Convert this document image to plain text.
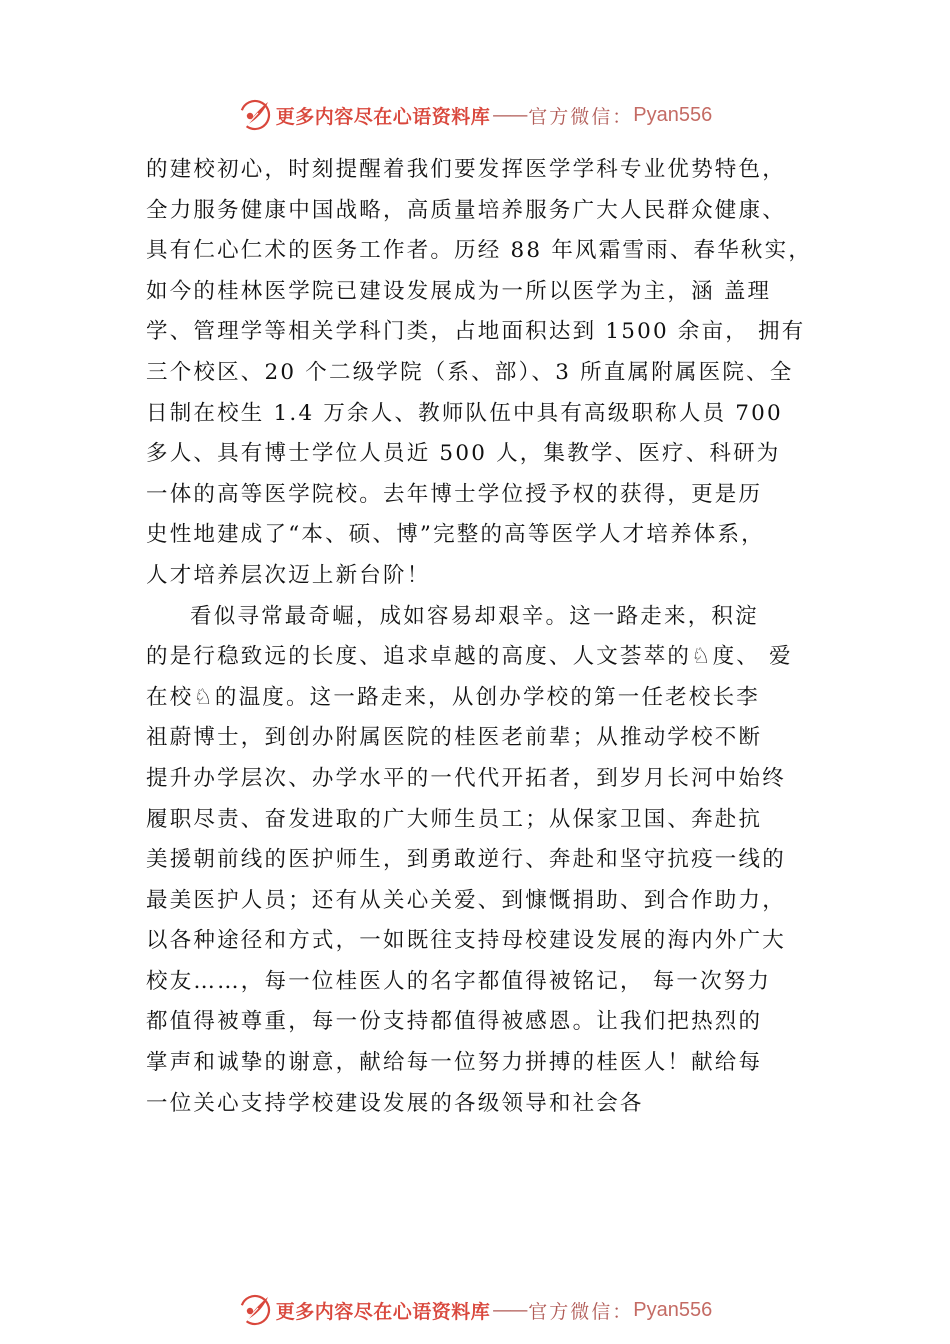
更多内容尽在心语资料库 —— 官方微信： Pyan556
的建校初心，时刻提醒着我们要发挥医学学科专业优势特色，
全力服务健康中国战略，高质量培养服务广大人民群众健康、
具有仁心仁术的医务工作者。历经 88 年风霜雪雨、春华秋实，
如今的桂林医学院已建设发展成为一所以医学为主，涵 盖理
学、管理学等相关学科门类，占地面积达到 1500 余亩， 拥有
三个校区、20 个二级学院（系、部）、3 所直属附属医院、全
日制在校生 1.4 万余人、教师队伍中具有高级职称人员 700
多人、具有博士学位人员近 500 人，集教学、医疗、科研为
一体的高等医学院校。去年博士学位授予权的获得，更是历
史性地建成了“本、硕、博”完整的高等医学人才培养体系，
人才培养层次迈上新台阶！
看似寻常最奇崛，成如容易却艰辛。这一路走来，积淀
的是行稳致远的长度、追求卓越的高度、人文荟萃的♘度、 爱
在校♘的温度。这一路走来，从创办学校的第一任老校长李
祖蔚博士，到创办附属医院的桂医老前辈；从推动学校不断
提升办学层次、办学水平的一代代开拓者，到岁月长河中始终
履职尽责、奋发进取的广大师生员工；从保家卫国、奔赴抗
美援朝前线的医护师生，到勇敢逆行、奔赴和坚守抗疫一线的
最美医护人员；还有从关心关爱、到慷慨捐助、到合作助力，
以各种途径和方式，一如既往支持母校建设发展的海内外广大
校友……，每一位桂医人的名字都值得被铭记， 每一次努力
都值得被尊重，每一份支持都值得被感恩。让我们把热烈的
掌声和诚挚的谢意，献给每一位努力拼搏的桂医人！献给每
一位关心支持学校建设发展的各级领导和社会各
更多内容尽在心语资料库 —— 官方微信： Pyan556
